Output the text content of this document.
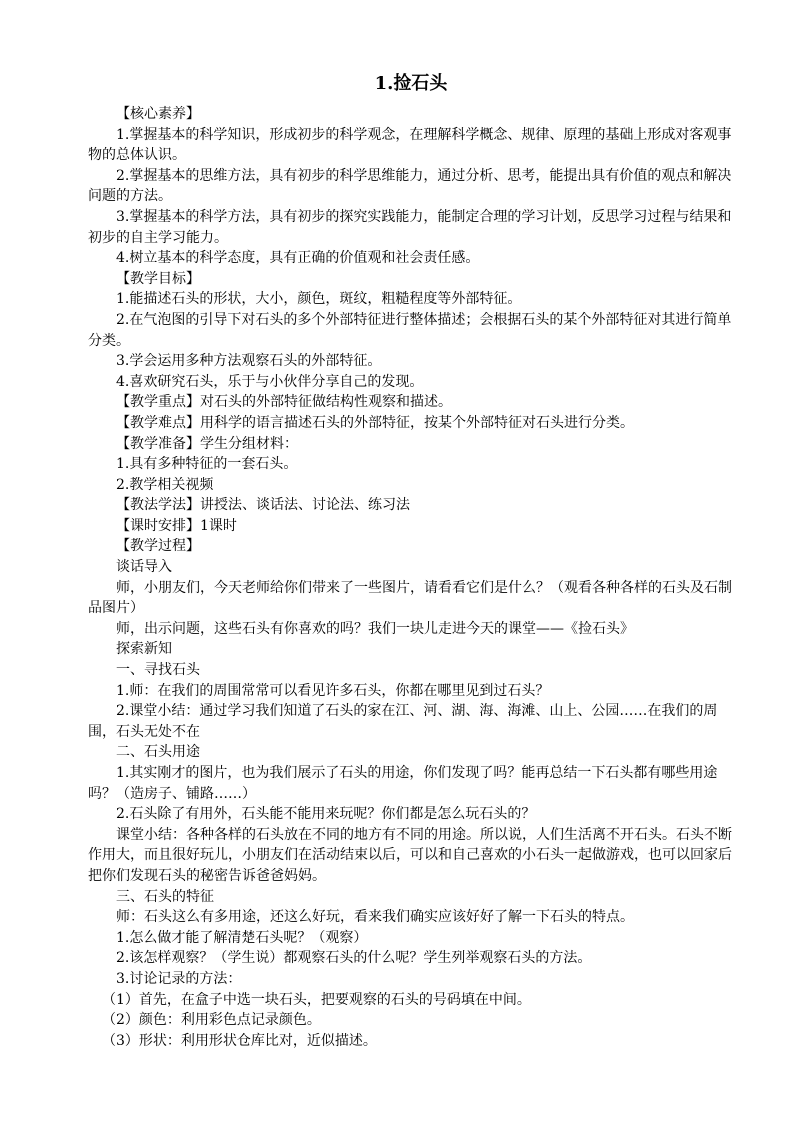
1.捡石头

【核心素养】

1.掌握基本的科学知识，形成初步的科学观念，在理解科学概念、规律、原理的基础上形成对客观事物的总体认识。

2.掌握基本的思维方法，具有初步的科学思维能力，通过分析、思考，能提出具有价值的观点和解决问题的方法。

3.掌握基本的科学方法，具有初步的探究实践能力，能制定合理的学习计划，反思学习过程与结果和初步的自主学习能力。

4.树立基本的科学态度，具有正确的价值观和社会责任感。

【教学目标】

1.能描述石头的形状，大小，颜色，斑纹，粗糙程度等外部特征。

2.在气泡图的引导下对石头的多个外部特征进行整体描述；会根据石头的某个外部特征对其进行简单分类。

3.学会运用多种方法观察石头的外部特征。

4.喜欢研究石头，乐于与小伙伴分享自己的发现。

【教学重点】对石头的外部特征做结构性观察和描述。

【教学难点】用科学的语言描述石头的外部特征，按某个外部特征对石头进行分类。

【教学准备】学生分组材料：

1.具有多种特征的一套石头。

2.教学相关视频

【教法学法】讲授法、谈话法、讨论法、练习法

【课时安排】1课时

【教学过程】

谈话导入

师，小朋友们，今天老师给你们带来了一些图片，请看看它们是什么？（观看各种各样的石头及石制品图片）

师，出示问题，这些石头有你喜欢的吗？我们一块儿走进今天的课堂——《捡石头》

探索新知

一、寻找石头

1.师：在我们的周围常常可以看见许多石头，你都在哪里见到过石头？

2.课堂小结：通过学习我们知道了石头的家在江、河、湖、海、海滩、山上、公园……在我们的周围，石头无处不在

二、石头用途

1.其实刚才的图片，也为我们展示了石头的用途，你们发现了吗？能再总结一下石头都有哪些用途吗？（造房子、铺路……）

2.石头除了有用外，石头能不能用来玩呢？你们都是怎么玩石头的？

课堂小结：各种各样的石头放在不同的地方有不同的用途。所以说，人们生活离不开石头。石头不断作用大，而且很好玩儿，小朋友们在活动结束以后，可以和自己喜欢的小石头一起做游戏，也可以回家后把你们发现石头的秘密告诉爸爸妈妈。

三、石头的特征

师：石头这么有多用途，还这么好玩，看来我们确实应该好好了解一下石头的特点。

1.怎么做才能了解清楚石头呢？（观察）

2.该怎样观察？（学生说）都观察石头的什么呢？学生列举观察石头的方法。

3.讨论记录的方法：

（1）首先，在盒子中选一块石头，把要观察的石头的号码填在中间。

（2）颜色：利用彩色点记录颜色。

（3）形状：利用形状仓库比对，近似描述。
